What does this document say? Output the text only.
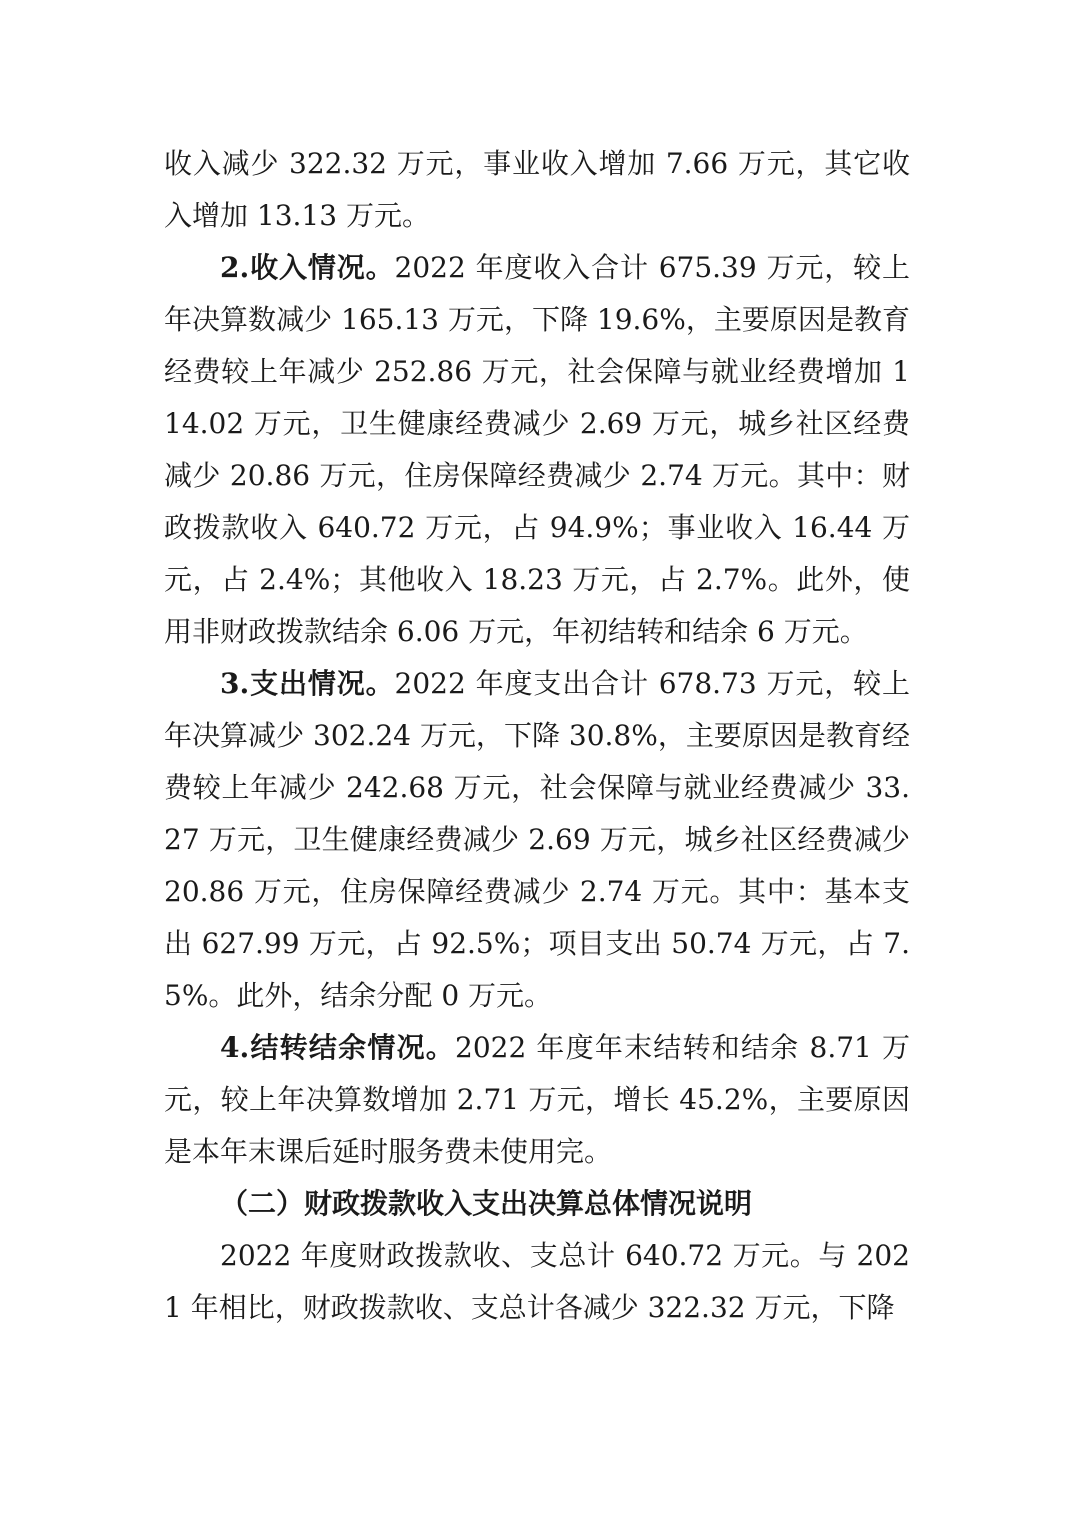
收入减少 322.32 万元，事业收入增加 7.66 万元，其它收入增加 13.13 万元。

2.收入情况。2022 年度收入合计 675.39 万元，较上年决算数减少 165.13 万元，下降 19.6%，主要原因是教育经费较上年减少 252.86 万元，社会保障与就业经费增加 114.02 万元，卫生健康经费减少 2.69 万元，城乡社区经费减少 20.86 万元，住房保障经费减少 2.74 万元。其中：财政拨款收入 640.72 万元，占 94.9%；事业收入 16.44 万元，占 2.4%；其他收入 18.23 万元，占 2.7%。此外，使用非财政拨款结余 6.06 万元，年初结转和结余 6 万元。

3.支出情况。2022 年度支出合计 678.73 万元，较上年决算减少 302.24 万元，下降 30.8%，主要原因是教育经费较上年减少 242.68 万元，社会保障与就业经费减少 33.27 万元，卫生健康经费减少 2.69 万元，城乡社区经费减少 20.86 万元，住房保障经费减少 2.74 万元。其中：基本支出 627.99 万元，占 92.5%；项目支出 50.74 万元，占 7.5%。此外，结余分配 0 万元。

4.结转结余情况。2022 年度年末结转和结余 8.71 万元，较上年决算数增加 2.71 万元，增长 45.2%，主要原因是本年末课后延时服务费未使用完。

（二）财政拨款收入支出决算总体情况说明

2022 年度财政拨款收、支总计 640.72 万元。与 2021 年相比，财政拨款收、支总计各减少 322.32 万元，下降
